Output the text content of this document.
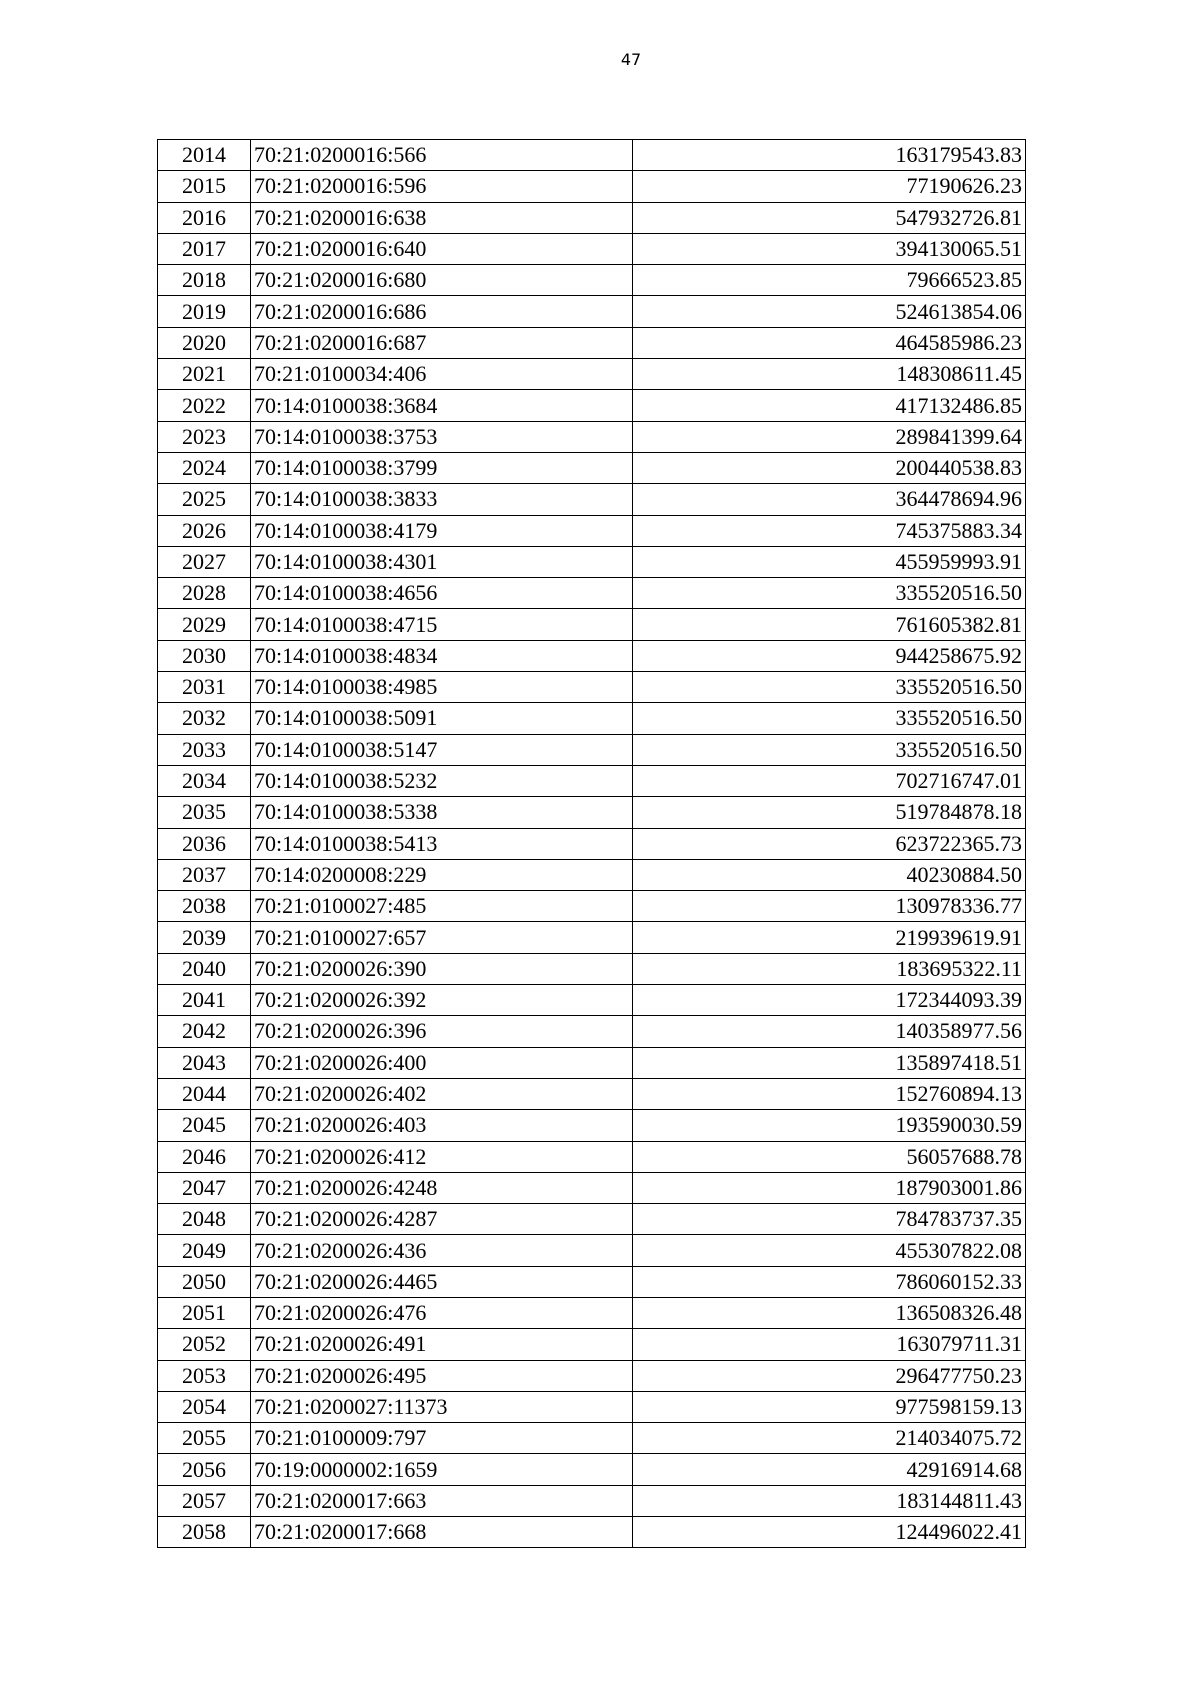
47
2014	70:21:0200016:566	163179543.83
2015	70:21:0200016:596	77190626.23
2016	70:21:0200016:638	547932726.81
2017	70:21:0200016:640	394130065.51
2018	70:21:0200016:680	79666523.85
2019	70:21:0200016:686	524613854.06
2020	70:21:0200016:687	464585986.23
2021	70:21:0100034:406	148308611.45
2022	70:14:0100038:3684	417132486.85
2023	70:14:0100038:3753	289841399.64
2024	70:14:0100038:3799	200440538.83
2025	70:14:0100038:3833	364478694.96
2026	70:14:0100038:4179	745375883.34
2027	70:14:0100038:4301	455959993.91
2028	70:14:0100038:4656	335520516.50
2029	70:14:0100038:4715	761605382.81
2030	70:14:0100038:4834	944258675.92
2031	70:14:0100038:4985	335520516.50
2032	70:14:0100038:5091	335520516.50
2033	70:14:0100038:5147	335520516.50
2034	70:14:0100038:5232	702716747.01
2035	70:14:0100038:5338	519784878.18
2036	70:14:0100038:5413	623722365.73
2037	70:14:0200008:229	40230884.50
2038	70:21:0100027:485	130978336.77
2039	70:21:0100027:657	219939619.91
2040	70:21:0200026:390	183695322.11
2041	70:21:0200026:392	172344093.39
2042	70:21:0200026:396	140358977.56
2043	70:21:0200026:400	135897418.51
2044	70:21:0200026:402	152760894.13
2045	70:21:0200026:403	193590030.59
2046	70:21:0200026:412	56057688.78
2047	70:21:0200026:4248	187903001.86
2048	70:21:0200026:4287	784783737.35
2049	70:21:0200026:436	455307822.08
2050	70:21:0200026:4465	786060152.33
2051	70:21:0200026:476	136508326.48
2052	70:21:0200026:491	163079711.31
2053	70:21:0200026:495	296477750.23
2054	70:21:0200027:11373	977598159.13
2055	70:21:0100009:797	214034075.72
2056	70:19:0000002:1659	42916914.68
2057	70:21:0200017:663	183144811.43
2058	70:21:0200017:668	124496022.41
